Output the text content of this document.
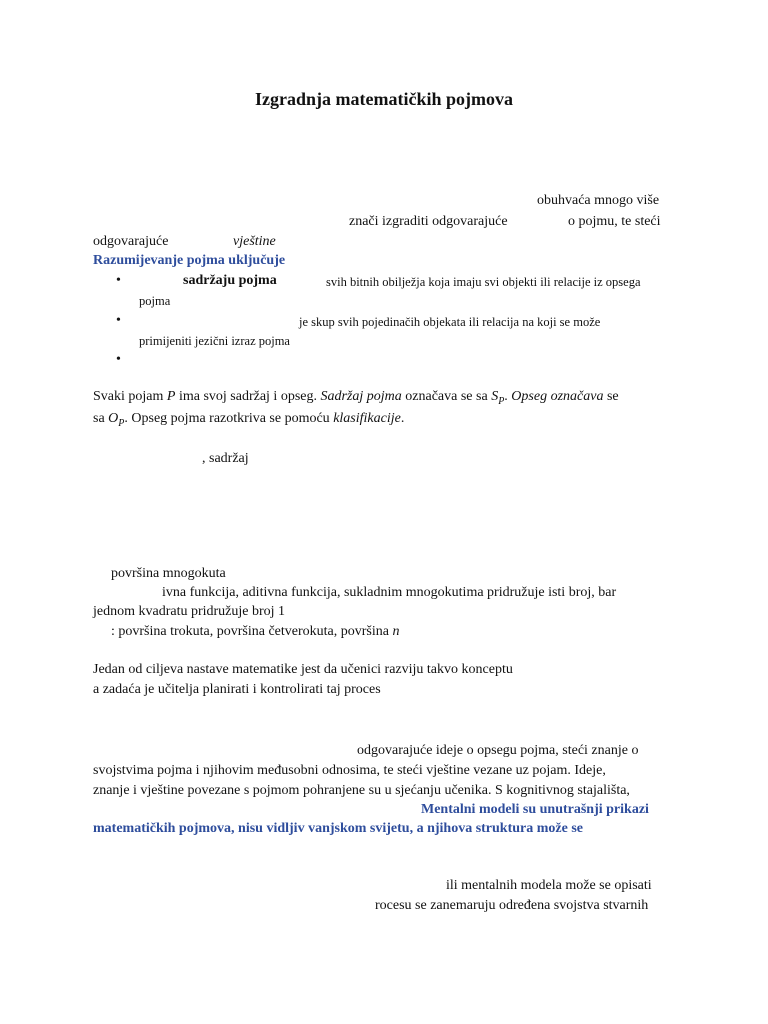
Izgradnja matematičkih pojmova
obuhvaća mnogo više
znači izgraditi odgovarajuće	o pojmu, te steći
odgovarajuće	vještine
Razumijevanje pojma uključuje
•	sadržaju pojma	svih bitnih obilježja koja imaju svi objekti ili relacije iz opsega
pojma
•	je skup svih pojedinačih objekata ili relacija na koji se može
primijeniti jezični izraz pojma
•
Svaki pojam P ima svoj sadržaj i opseg. Sadržaj pojma označava se sa $S_P$. Opseg označava se
sa $O_P$. Opseg pojma razotkriva se pomoću klasifikacije.
, sadržaj
površina mnogokuta
ivna funkcija, aditivna funkcija, sukladnim mnogokutima pridružuje isti broj, bar
jednom kvadratu pridružuje broj 1
: površina trokuta, površina četverokuta, površina n
Jedan od ciljeva nastave matematike jest da učenici razviju takvo konceptu
a zadaća je učitelja planirati i kontrolirati taj proces
odgovarajuće ideje o opsegu pojma, steći znanje o
svojstvima pojma i njihovim međusobni odnosima, te steći vještine vezane uz pojam. Ideje,
znanje i vještine povezane s pojmom pohranjene su u sjećanju učenika. S kognitivnog stajališta,
Mentalni modeli su unutrašnji prikazi
matematičkih pojmova, nisu vidljiv vanjskom svijetu, a njihova struktura može se
ili mentalnih modela može se opisati
rocesu se zanemaruju određena svojstva stvarnih
